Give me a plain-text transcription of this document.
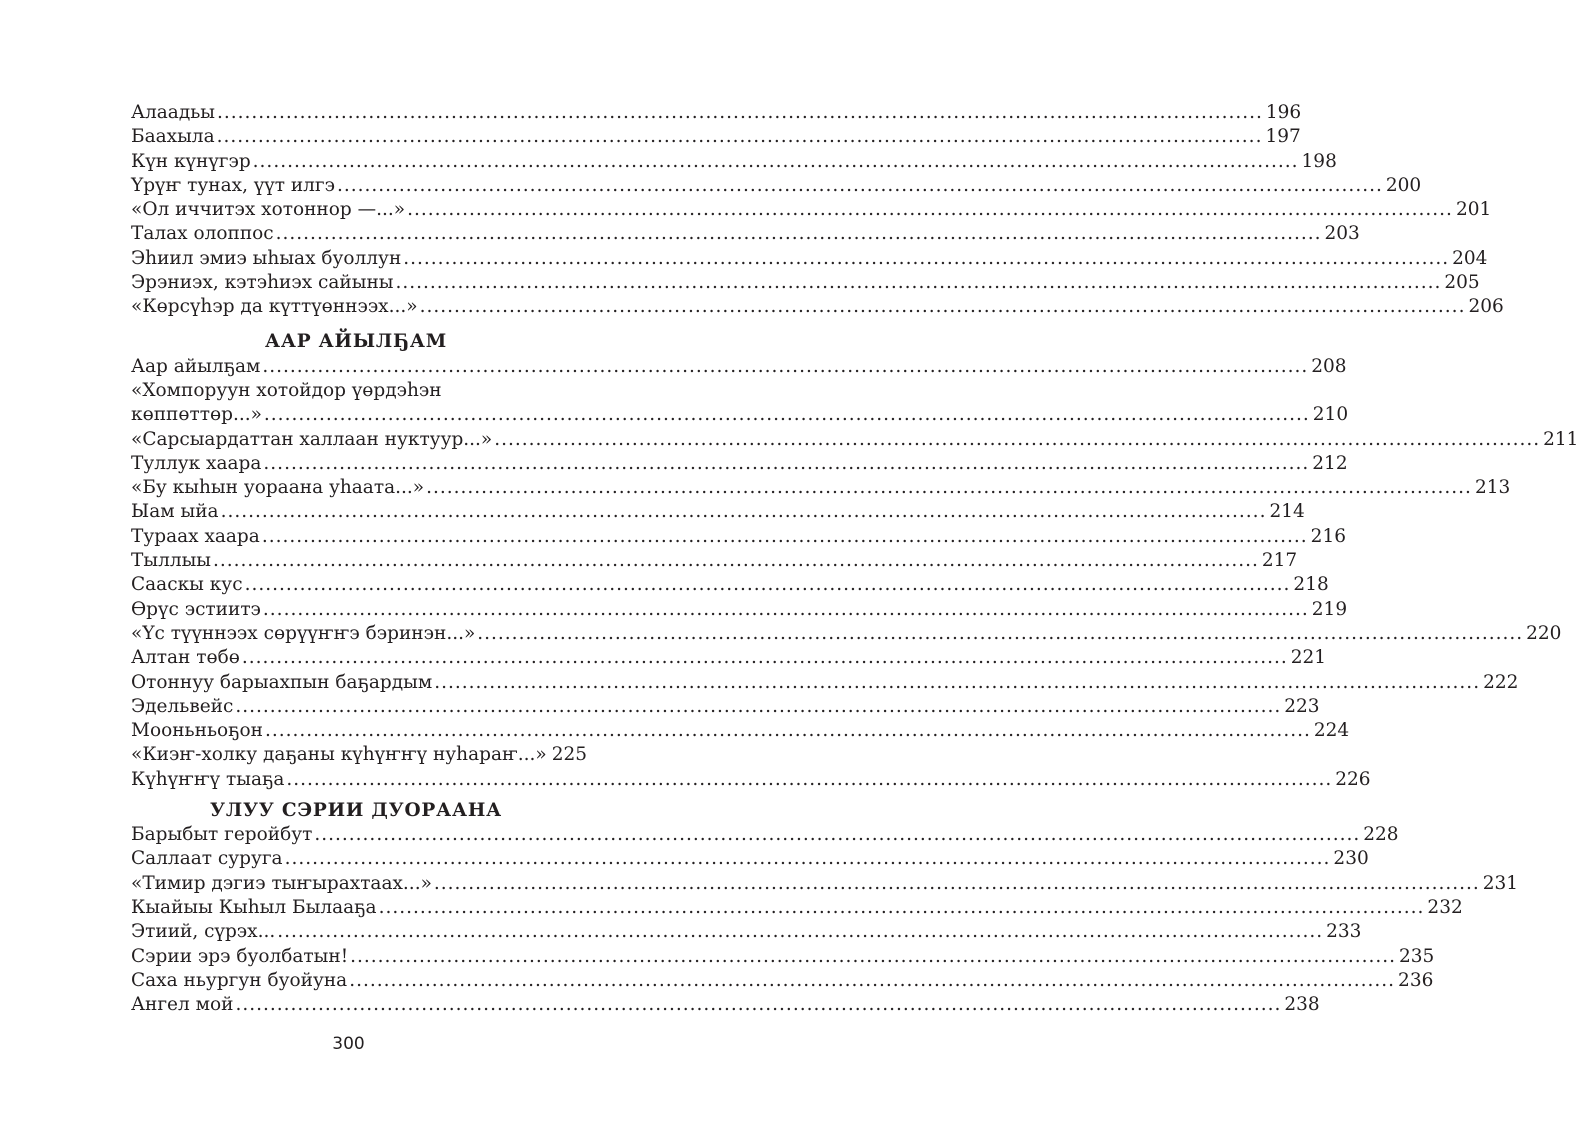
Алаадьы .....	196
Баахыла .....	197
Күн күнүгэр .....	198
Үрүҥ тунах, үүт илгэ .....	200
«Ол иччитэх хотоннор —...» .....	201
Талах олоппос .....	203
Эһиил эмиэ ыһыах буоллун .....	204
Эрэниэх, кэтэһиэх сайыны .....	205
«Көрсүһэр да күттүөннээх...» .....	206
ААР АЙЫЛҔАМ
Аар айылҕам .....	208
«Хомпоруун хотойдор үөрдэһэн
көппөттөр...» .....	210
«Сарсыардаттан халлаан нуктуур...» .....	211
Туллук хаара .....	212
«Бу кыһын уораана уһаата...» .....	213
Ыам ыйа .....	214
Тураах хаара .....	216
Тыллыы .....	217
Сааскы кус .....	218
Өрүс эстиитэ .....	219
«Үс түүннээх сөрүүҥҥэ бэринэн...» .....	220
Алтан төбө .....	221
Отоннуу барыахпын баҕардым .....	222
Эдельвейс .....	223
Мооньньоҕон .....	224
«Киэҥ-холку даҕаны күһүҥҥү нуһараҥ...» 225
Күһүҥҥү тыаҕа .....	226
УЛУУ СЭРИИ ДУОРААНА
Барыбыт геройбут .....	228
Саллаат суруга .....	230
«Тимир дэгиэ тыҥырахтаах...» .....	231
Кыайыы Кыһыл Былааҕа .....	232
Этиий, сүрэх... .....	233
Сэрии эрэ буолбатын! .....	235
Саха ньургун буойуна .....	236
Ангел мой .....	238
300
